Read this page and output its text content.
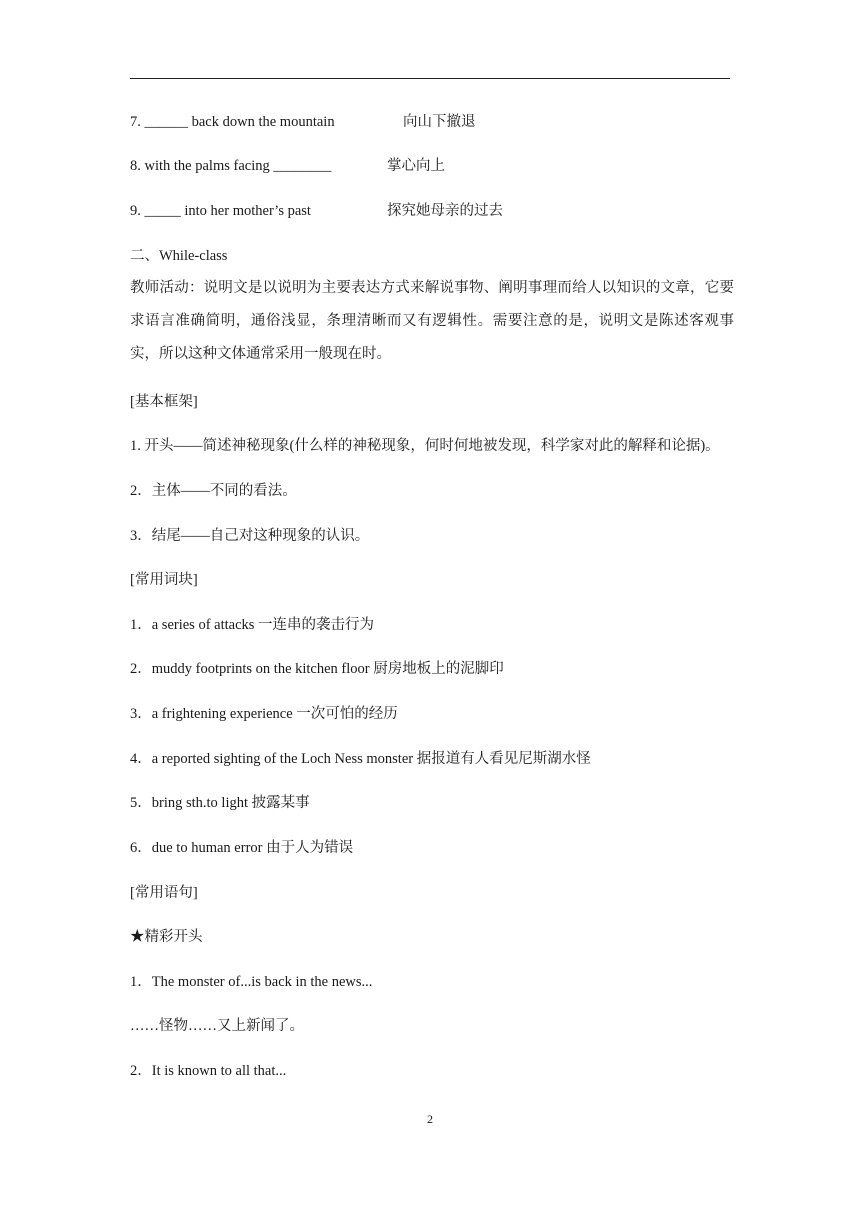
7. ______ back down the mountain	向山下撤退
8. with the palms facing ________	掌心向上
9. _____ into her mother’s past	探究她母亲的过去
二、While-class
教师活动：说明文是以说明为主要表达方式来解说事物、阐明事理而给人以知识的文章，它要求语言准确简明，通俗浅显，条理清晰而又有逻辑性。需要注意的是，说明文是陈述客观事实，所以这种文体通常采用一般现在时。
[基本框架]
1. 开头——简述神秘现象(什么样的神秘现象，何时何地被发现，科学家对此的解释和论据)。
2．主体——不同的看法。
3．结尾——自己对这种现象的认识。
[常用词块]
1．a series of attacks 一连串的袭击行为
2．muddy footprints on the kitchen floor 厨房地板上的泥脚印
3．a frightening experience 一次可怕的经历
4．a reported sighting of the Loch Ness monster 据报道有人看见尼斯湖水怪
5．bring sth.to light 披露某事
6．due to human error 由于人为错误
[常用语句]
★精彩开头
1．The monster of...is back in the news...
……怪物……又上新闻了。
2．It is known to all that...
2
